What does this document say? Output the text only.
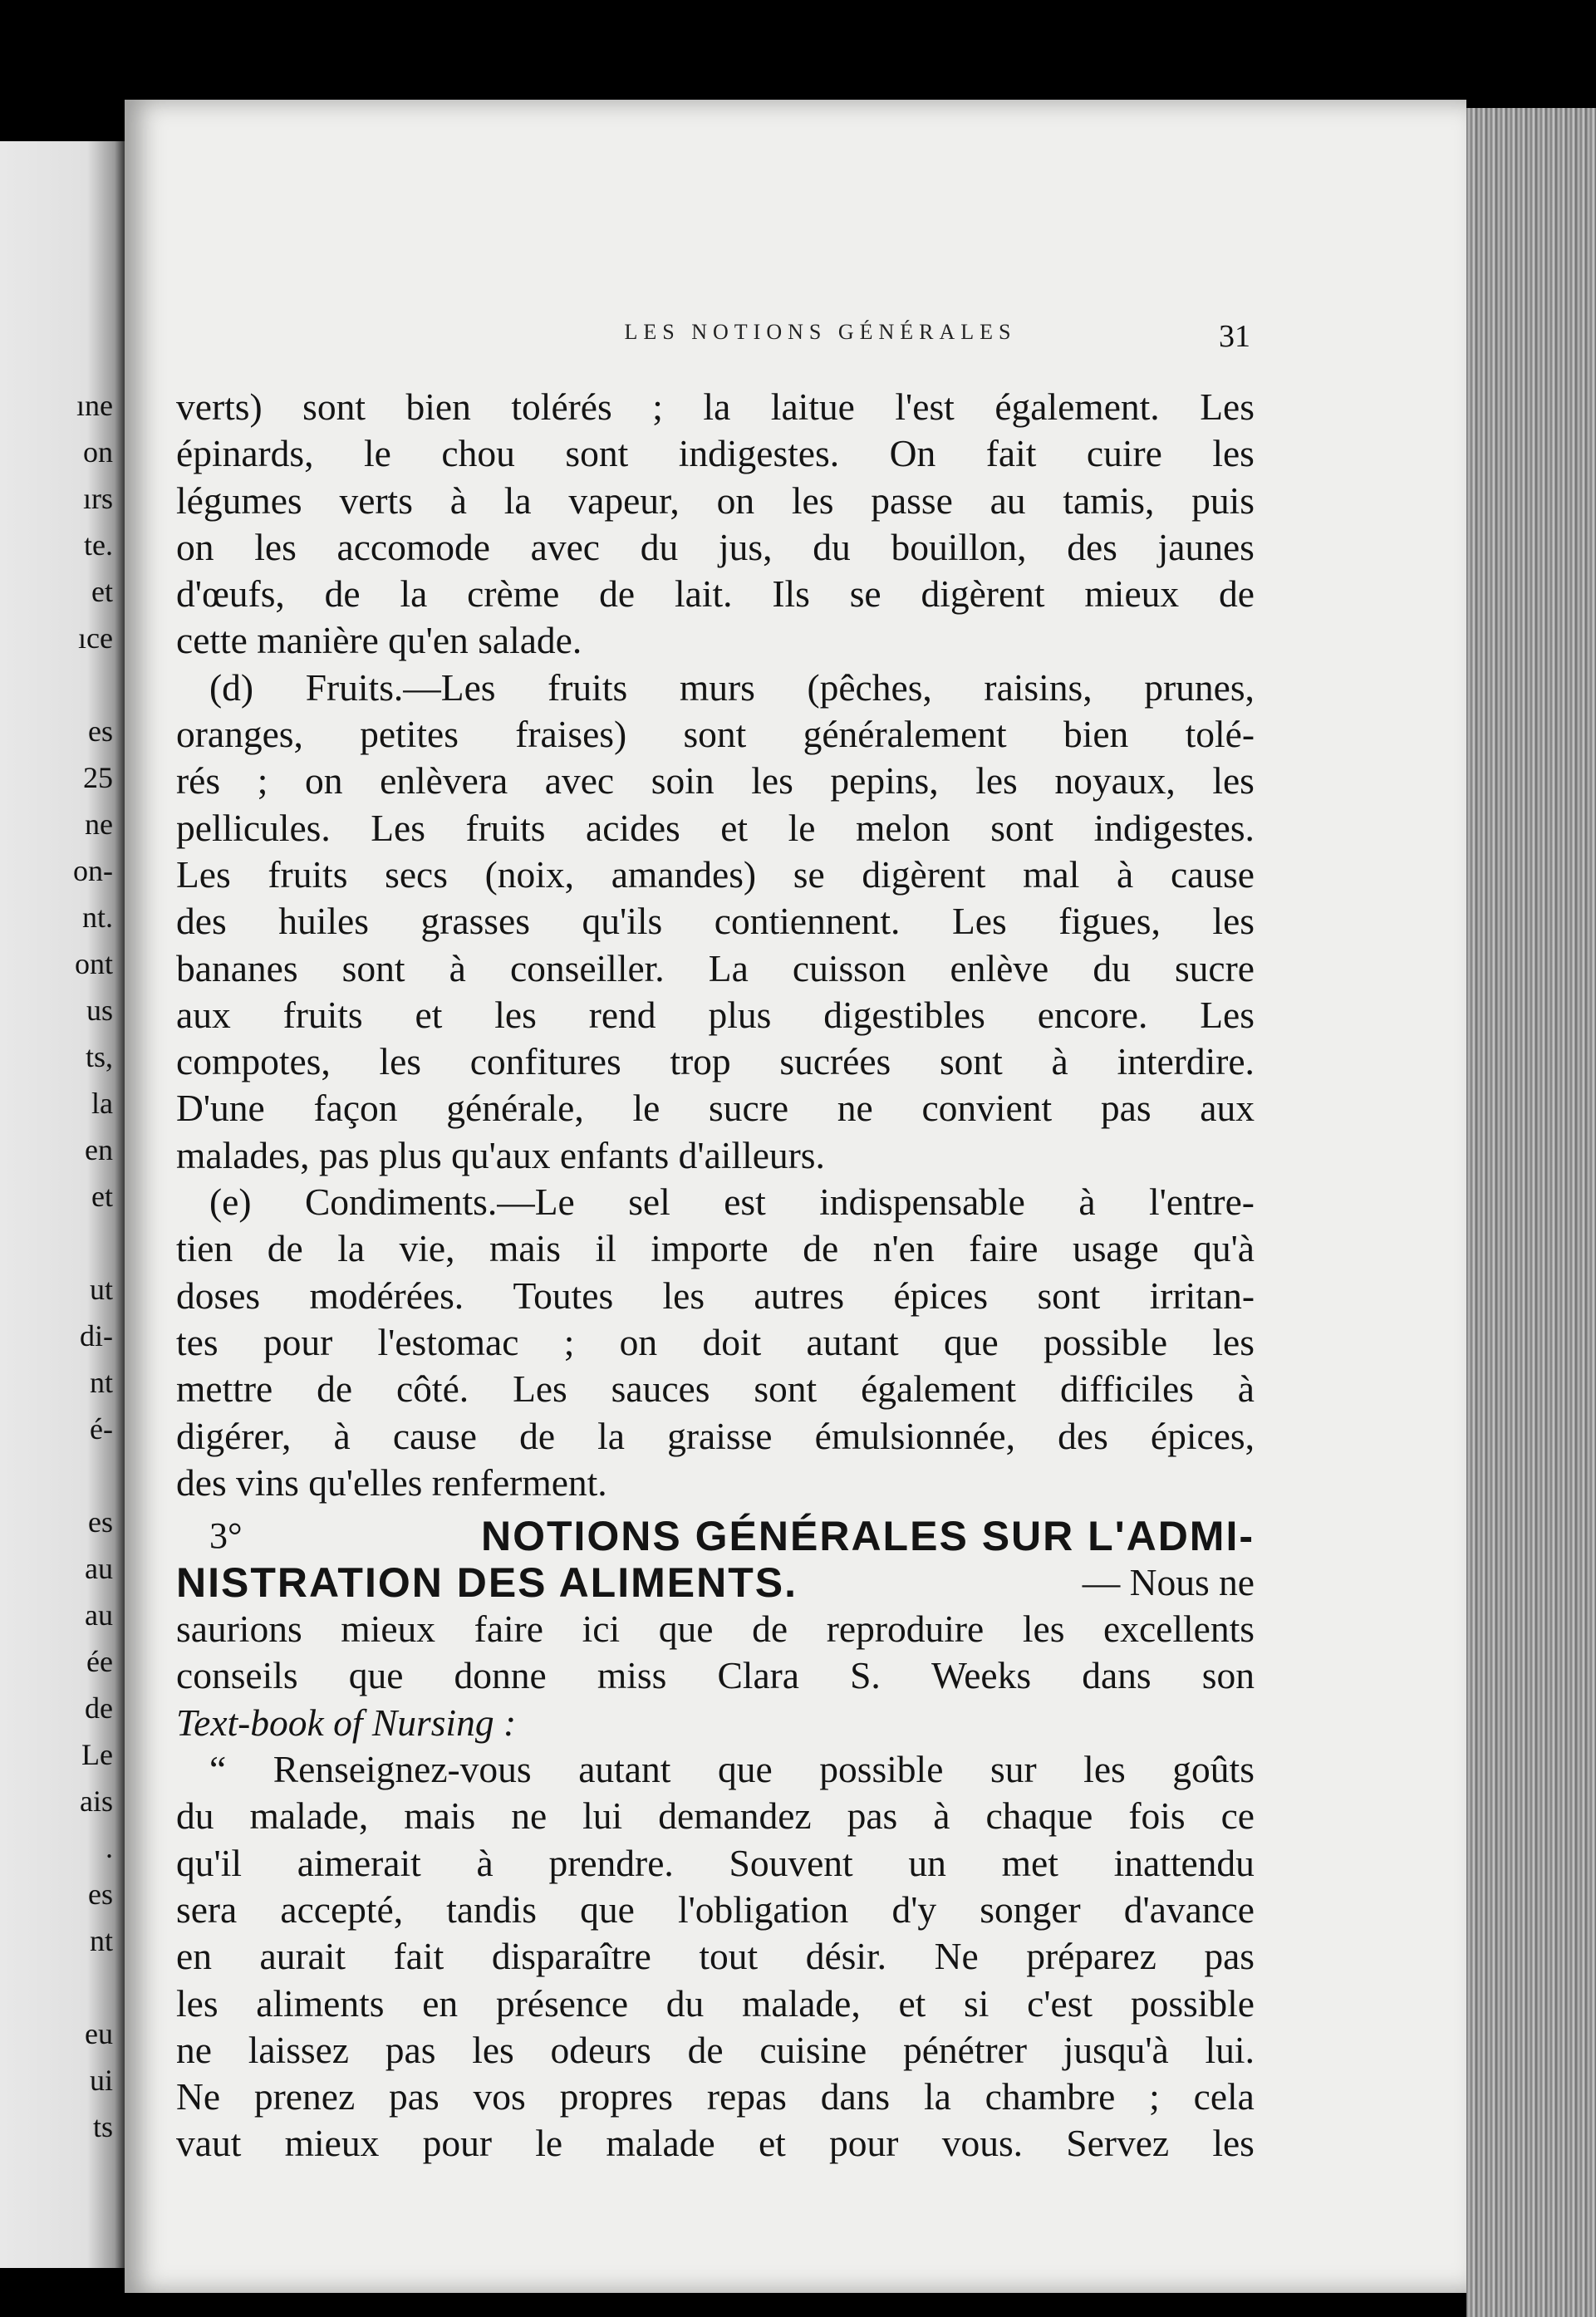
ıne
on
ırs
te.
et
ıce
es
25
ne
on-
nt.
ont
us
ts,
la
en
et
ut
di-
nt
é-
es
au
au
ée
de
Le
ais
.
es
nt
eu
ui
ts
LES NOTIONS GÉNÉRALES	31
verts) sont bien tolérés ; la laitue l'est également. Les
épinards, le chou sont indigestes. On fait cuire les
légumes verts à la vapeur, on les passe au tamis, puis
on les accomode avec du jus, du bouillon, des jaunes
d'œufs, de la crème de lait. Ils se digèrent mieux de
cette manière qu'en salade.
(d) Fruits.—Les fruits murs (pêches, raisins, prunes,
oranges, petites fraises) sont généralement bien tolé-
rés ; on enlèvera avec soin les pepins, les noyaux, les
pellicules. Les fruits acides et le melon sont indigestes.
Les fruits secs (noix, amandes) se digèrent mal à cause
des huiles grasses qu'ils contiennent. Les figues, les
bananes sont à conseiller. La cuisson enlève du sucre
aux fruits et les rend plus digestibles encore. Les
compotes, les confitures trop sucrées sont à interdire.
D'une façon générale, le sucre ne convient pas aux
malades, pas plus qu'aux enfants d'ailleurs.
(e) Condiments.—Le sel est indispensable à l'entre-
tien de la vie, mais il importe de n'en faire usage qu'à
doses modérées. Toutes les autres épices sont irritan-
tes pour l'estomac ; on doit autant que possible les
mettre de côté. Les sauces sont également difficiles à
digérer, à cause de la graisse émulsionnée, des épices,
des vins qu'elles renferment.
3°	NOTIONS GÉNÉRALES SUR L'ADMI-
NISTRATION DES ALIMENTS.	— Nous ne
saurions mieux faire ici que de reproduire les excellents
conseils que donne miss Clara S. Weeks dans son
Text-book of Nursing :
“ Renseignez-vous autant que possible sur les goûts
du malade, mais ne lui demandez pas à chaque fois ce
qu'il aimerait à prendre. Souvent un met inattendu
sera accepté, tandis que l'obligation d'y songer d'avance
en aurait fait disparaître tout désir. Ne préparez pas
les aliments en présence du malade, et si c'est possible
ne laissez pas les odeurs de cuisine pénétrer jusqu'à lui.
Ne prenez pas vos propres repas dans la chambre ; cela
vaut mieux pour le malade et pour vous. Servez les
